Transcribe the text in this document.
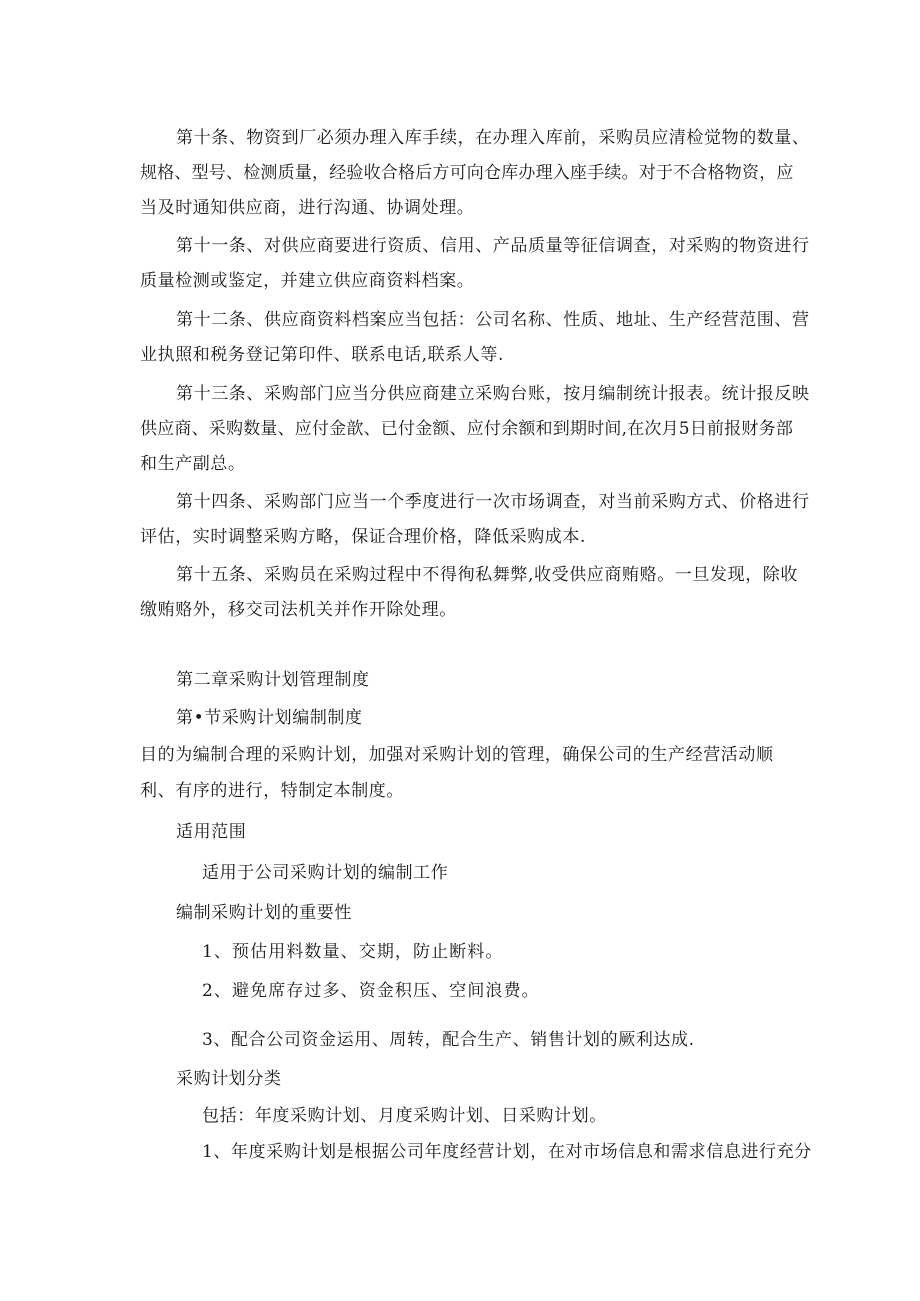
第十条、物资到厂必须办理入库手续，在办理入库前，采购员应清检觉物的数量、
规格、型号、检测质量，经验收合格后方可向仓库办理入座手续。对于不合格物资，应
当及时通知供应商，进行沟通、协调处理。
第十一条、对供应商要进行资质、信用、产品质量等征信调查，对采购的物资进行
质量检测或鉴定，并建立供应商资料档案。
第十二条、供应商资料档案应当包括：公司名称、性质、地址、生产经营范围、营
业执照和税务登记第印件、联系电话,联系人等.
第十三条、采购部门应当分供应商建立采购台账，按月编制统计报表。统计报反映
供应商、采购数量、应付金歆、已付金额、应付余额和到期时间,在次月5日前报财务部
和生产副总。
第十四条、采购部门应当一个季度进行一次市场调查，对当前采购方式、价格进行
评估，实时调整采购方略，保证合理价格，降低采购成本.
第十五条、采购员在采购过程中不得徇私舞弊,收受供应商贿赂。一旦发现，除收
缴贿赂外，移交司法机关并作开除处理。
第二章采购计划管理制度
第•节采购计划编制制度
目的为编制合理的采购计划，加强对采购计划的管理，确保公司的生产经营活动顺
利、有序的进行，特制定本制度。
适用范围
适用于公司采购计划的编制工作
编制采购计划的重要性
1、预估用料数量、交期，防止断料。
2、避免席存过多、资金积压、空间浪费。
3、配合公司资金运用、周转，配合生产、销售计划的厥利达成.
采购计划分类
包括：年度采购计划、月度采购计划、日采购计划。
1、年度采购计划是根据公司年度经营计划，在对市场信息和需求信息进行充分
